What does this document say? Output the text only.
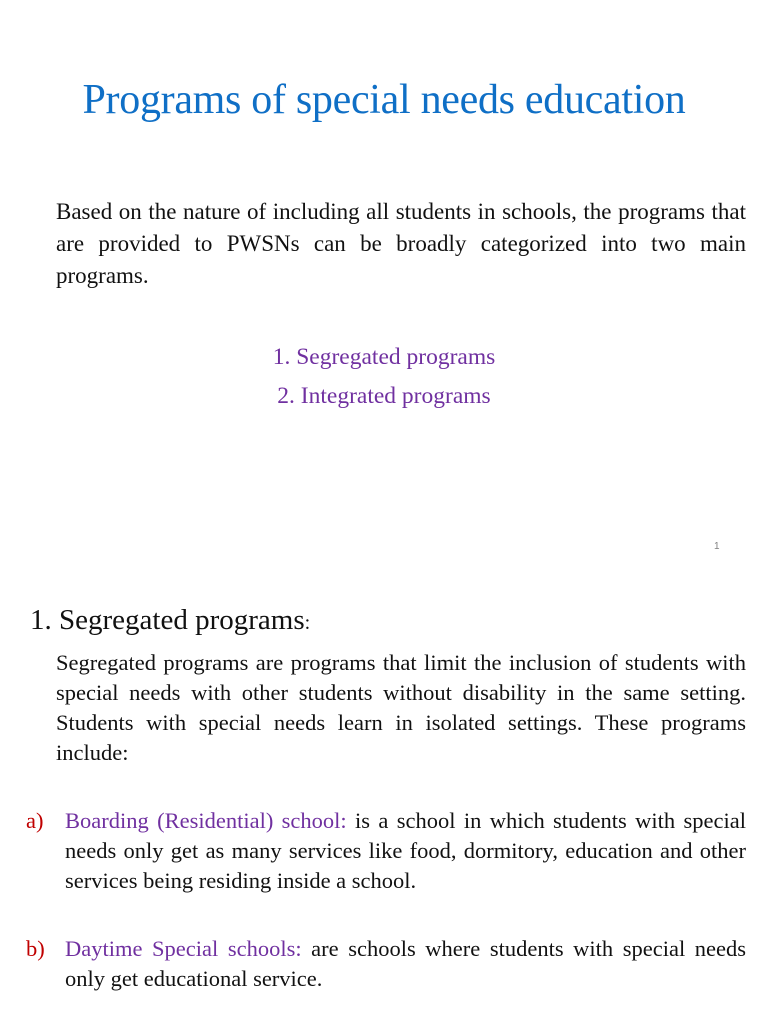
Programs of special needs education

Based on the nature of including all students in schools, the programs that are provided to PWSNs can be broadly categorized into two main programs.

1. Segregated programs
2. Integrated programs
1
1. Segregated programs:

Segregated programs are programs that limit the inclusion of students with special needs with other students without disability in the same setting. Students with special needs learn in isolated settings. These programs include:

a) Boarding (Residential) school: is a school in which students with special needs only get as many services like food, dormitory, education and other services being residing inside a school.
b) Daytime Special schools: are schools where students with special needs only get educational service.
